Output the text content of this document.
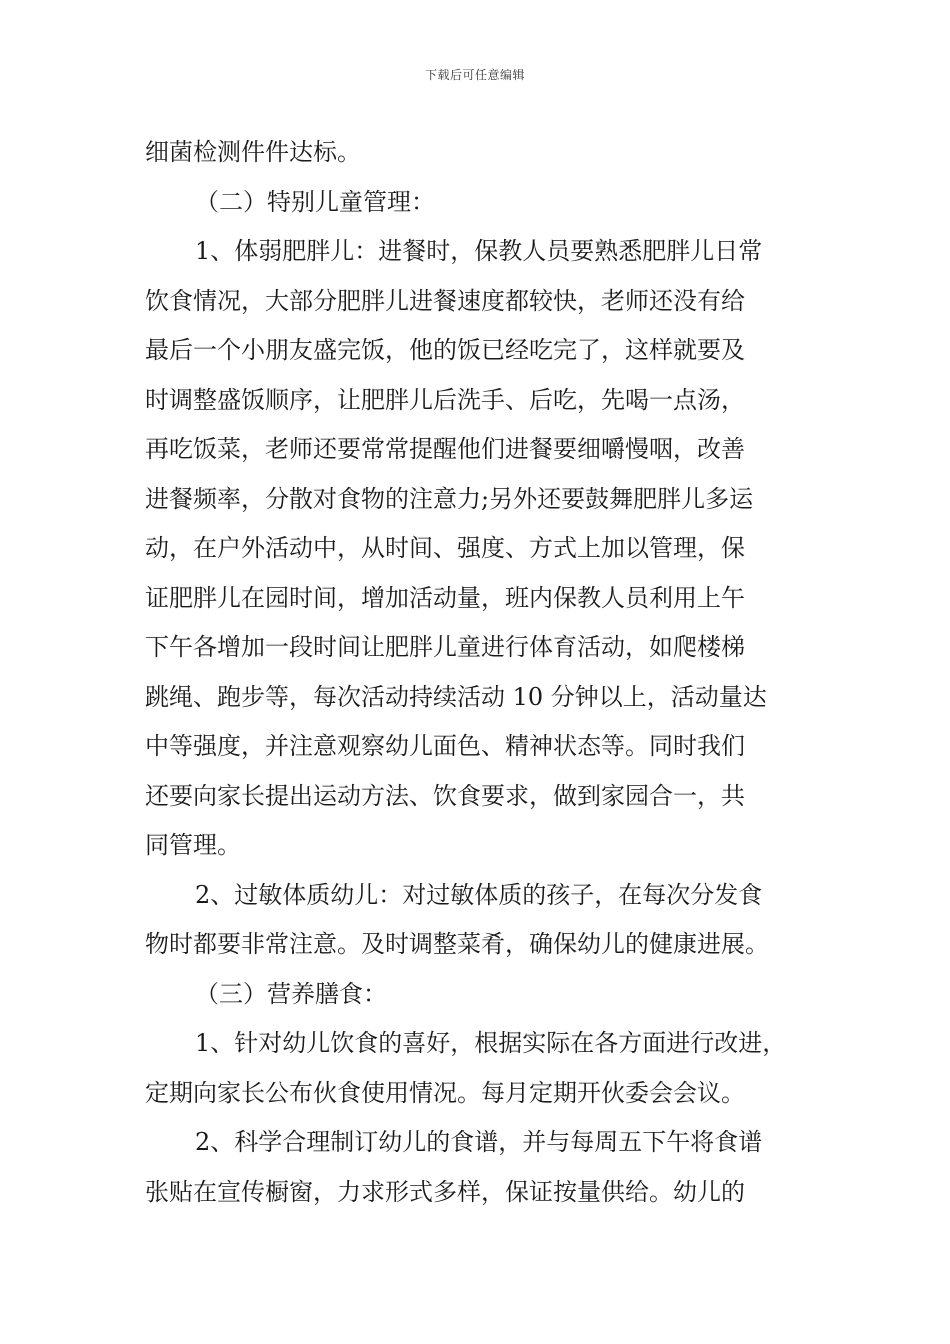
下载后可任意编辑
细菌检测件件达标。
（二）特别儿童管理：
1、体弱肥胖儿：进餐时，保教人员要熟悉肥胖儿日常
饮食情况，大部分肥胖儿进餐速度都较快，老师还没有给
最后一个小朋友盛完饭，他的饭已经吃完了，这样就要及
时调整盛饭顺序，让肥胖儿后洗手、后吃，先喝一点汤，
再吃饭菜，老师还要常常提醒他们进餐要细嚼慢咽，改善
进餐频率，分散对食物的注意力;另外还要鼓舞肥胖儿多运
动，在户外活动中，从时间、强度、方式上加以管理，保
证肥胖儿在园时间，增加活动量，班内保教人员利用上午
下午各增加一段时间让肥胖儿童进行体育活动，如爬楼梯
跳绳、跑步等，每次活动持续活动 10 分钟以上，活动量达
中等强度，并注意观察幼儿面色、精神状态等。同时我们
还要向家长提出运动方法、饮食要求，做到家园合一，共
同管理。
2、过敏体质幼儿：对过敏体质的孩子，在每次分发食
物时都要非常注意。及时调整菜肴，确保幼儿的健康进展。
（三）营养膳食：
1、针对幼儿饮食的喜好，根据实际在各方面进行改进，
定期向家长公布伙食使用情况。每月定期开伙委会会议。
2、科学合理制订幼儿的食谱，并与每周五下午将食谱
张贴在宣传橱窗，力求形式多样，保证按量供给。幼儿的
